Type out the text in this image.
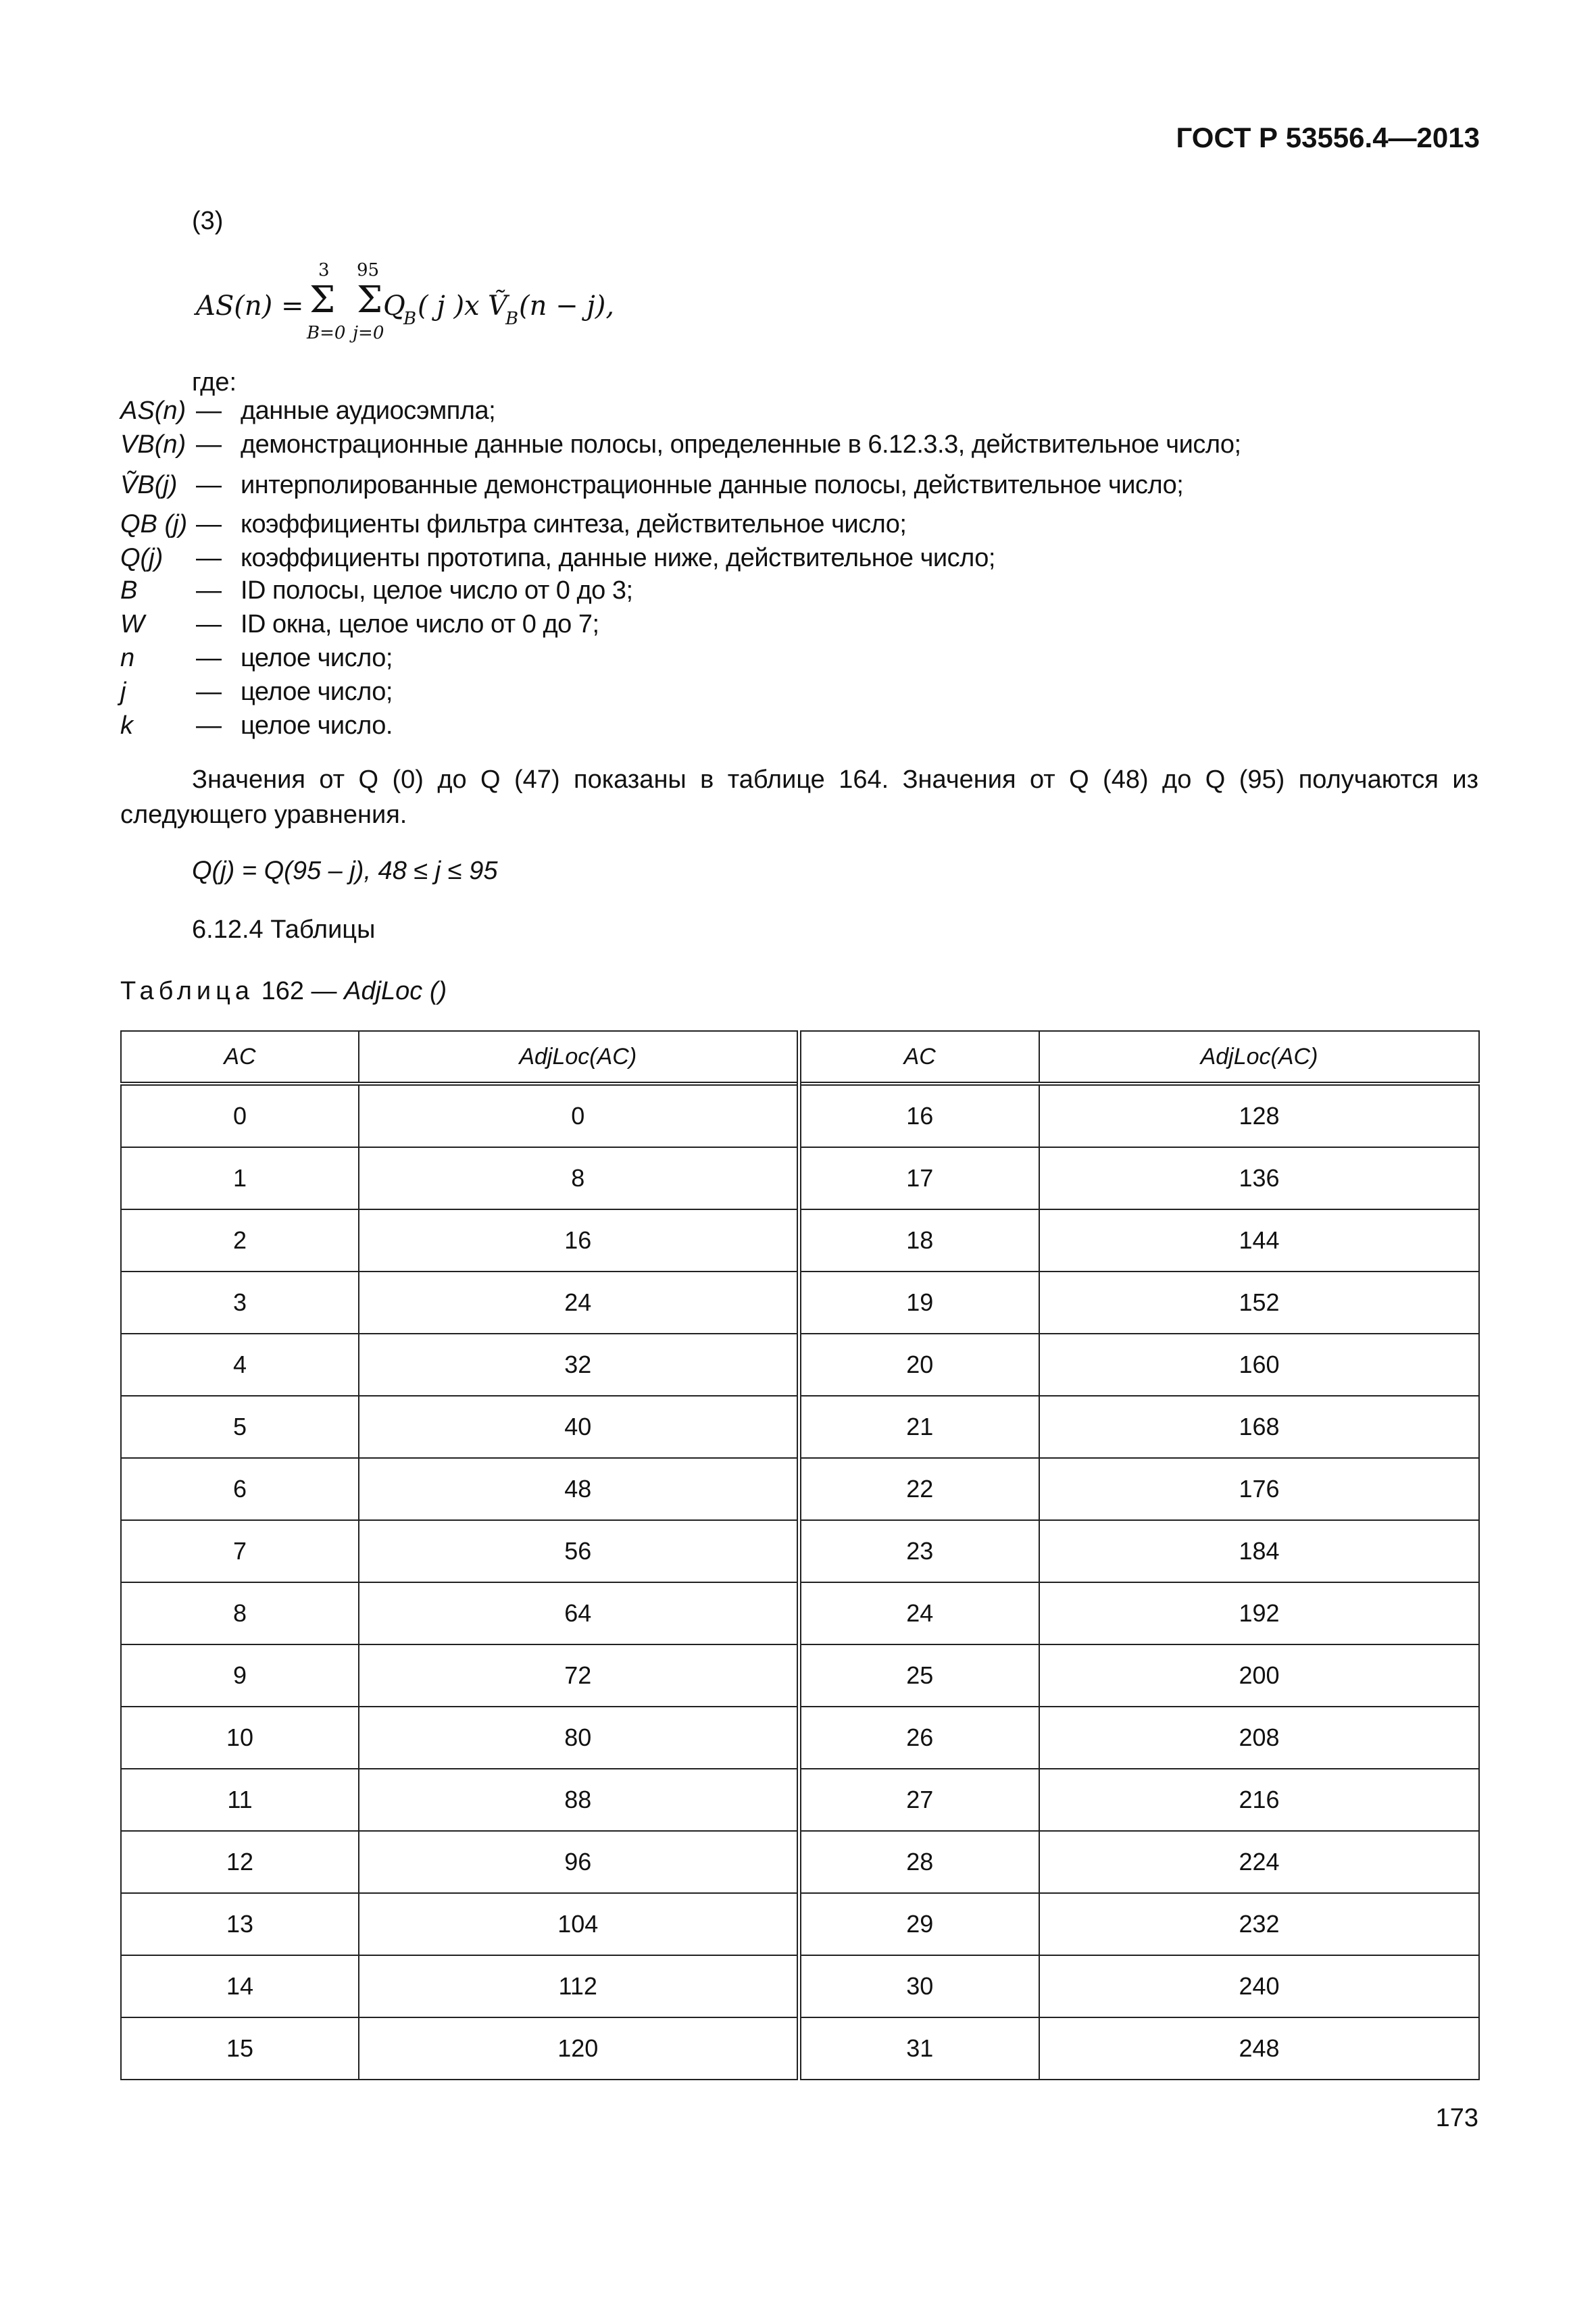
ГОСТ Р 53556.4—2013
(3)
AS(n) =
3
Σ
B=0
95
Σ
j=0
Q
B ( j )x Ṽ
B (n − j),
где:
AS(n) — данные аудиосэмпла;
VB(n) — демонстрационные данные полосы, определенные в 6.12.3.3, действительное число;
ṼB(j) — интерполированные демонстрационные данные полосы, действительное число;
QB (j) — коэффициенты фильтра синтеза, действительное число;
Q(j) — коэффициенты прототипа, данные ниже, действительное число;
B — ID полосы, целое число от 0 до 3;
W — ID окна, целое число от 0 до 7;
n — целое число;
j	— целое число;
k — целое число.
Значения от Q (0) до Q (47) показаны в таблице 164. Значения от Q (48) до Q (95) получаются из следующего уравнения.
Q(j) = Q(95 – j), 48 ≤ j ≤ 95
6.12.4 Таблицы
Таблица 162 — AdjLoc ()
AC	AdjLoc(AC)	AC	AdjLoc(AC)
0	0	16	128
1	8	17	136
2	16	18	144
3	24	19	152
4	32	20	160
5	40	21	168
6	48	22	176
7	56	23	184
8	64	24	192
9	72	25	200
10	80	26	208
11	88	27	216
12	96	28	224
13	104	29	232
14	112	30	240
15	120	31	248
173
